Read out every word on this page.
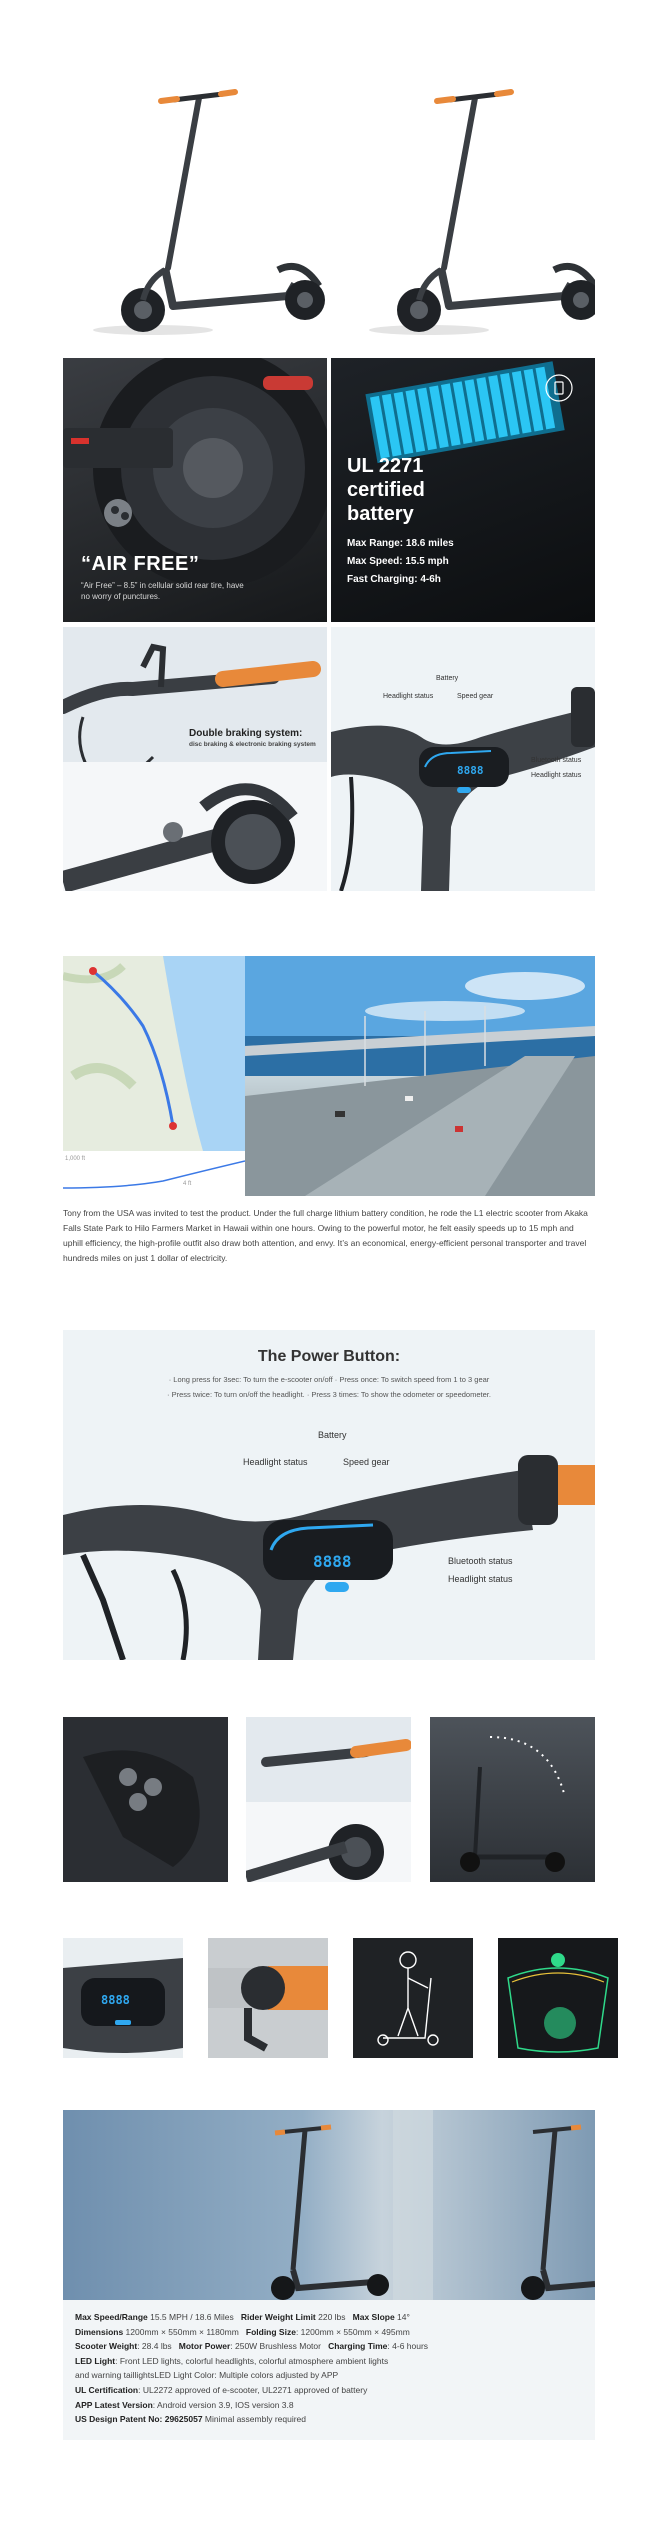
“AIR FREE”
“Air Free” – 8.5” in cellular solid rear tire, have no worry of punctures.
UL 2271 certified battery
Max Range: 18.6 miles
Max Speed: 15.5 mph
Fast Charging: 4-6h
Double braking system:
disc braking & electronic braking system
8888
Battery
Headlight status	Speed gear
Bluetooth status
Headlight status
1,000 ft
4 ft
Tony from the USA was invited to test the product. Under the full charge lithium battery condition, he rode the L1 electric scooter from Akaka Falls State Park to Hilo Farmers Market in Hawaii within one hours. Owing to the powerful motor, he felt easily speeds up to 15 mph and uphill efficiency, the high-profile outfit also draw both attention, and envy. It’s an economical, energy-efficient personal transporter and travel hundreds miles on just 1 dollar of electricity.
The Power Button:
· Long press for 3sec: To turn the e-scooter on/off · Press once: To switch speed from 1 to 3 gear
· Press twice: To turn on/off the headlight. · Press 3 times: To show the odometer or speedometer.
8888
Battery
Headlight status	Speed gear
Bluetooth status
Headlight status
8888
Max Speed/Range 15.5 MPH / 18.6 Miles Rider Weight Limit 220 lbs Max Slope 14°
Dimensions 1200mm × 550mm × 1180mm Folding Size: 1200mm × 550mm × 495mm
Scooter Weight: 28.4 lbs Motor Power: 250W Brushless Motor Charging Time: 4-6 hours
LED Light: Front LED lights, colorful headlights, colorful atmosphere ambient lights
and warning taillightsLED Light Color: Multiple colors adjusted by APP
UL Certification: UL2272 approved of e-scooter, UL2271 approved of battery
APP Latest Version: Android version 3.9, IOS version 3.8
US Design Patent No: 29625057 Minimal assembly required
